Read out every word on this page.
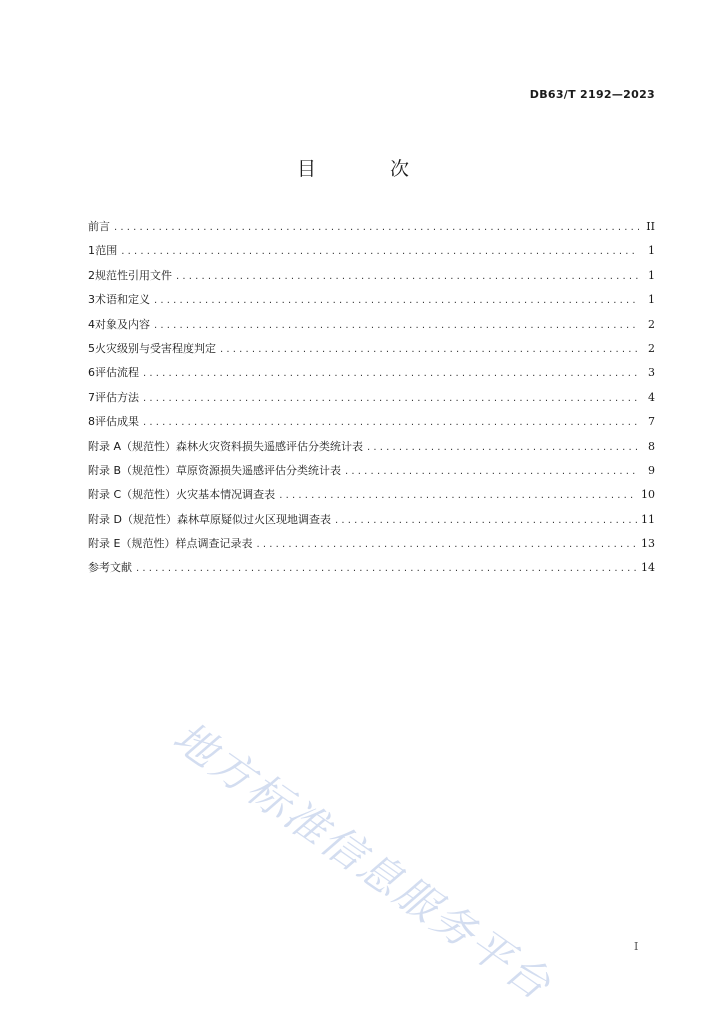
DB63/T 2192—2023
目 次
前言 .....	II
1 范围 .....	1
2 规范性引用文件 .....	1
3 术语和定义 .....	1
4 对象及内容 .....	2
5 火灾级别与受害程度判定 .....	2
6 评估流程 .....	3
7 评估方法 .....	4
8 评估成果 .....	7
附录 A（规范性）森林火灾资料损失遥感评估分类统计表 .....	8
附录 B（规范性）草原资源损失遥感评估分类统计表 .....	9
附录 C（规范性）火灾基本情况调查表 .....	10
附录 D（规范性）森林草原疑似过火区现地调查表 .....	11
附录 E（规范性）样点调查记录表 .....	13
参考文献 .....	14
地方标准信息服务平台	I
